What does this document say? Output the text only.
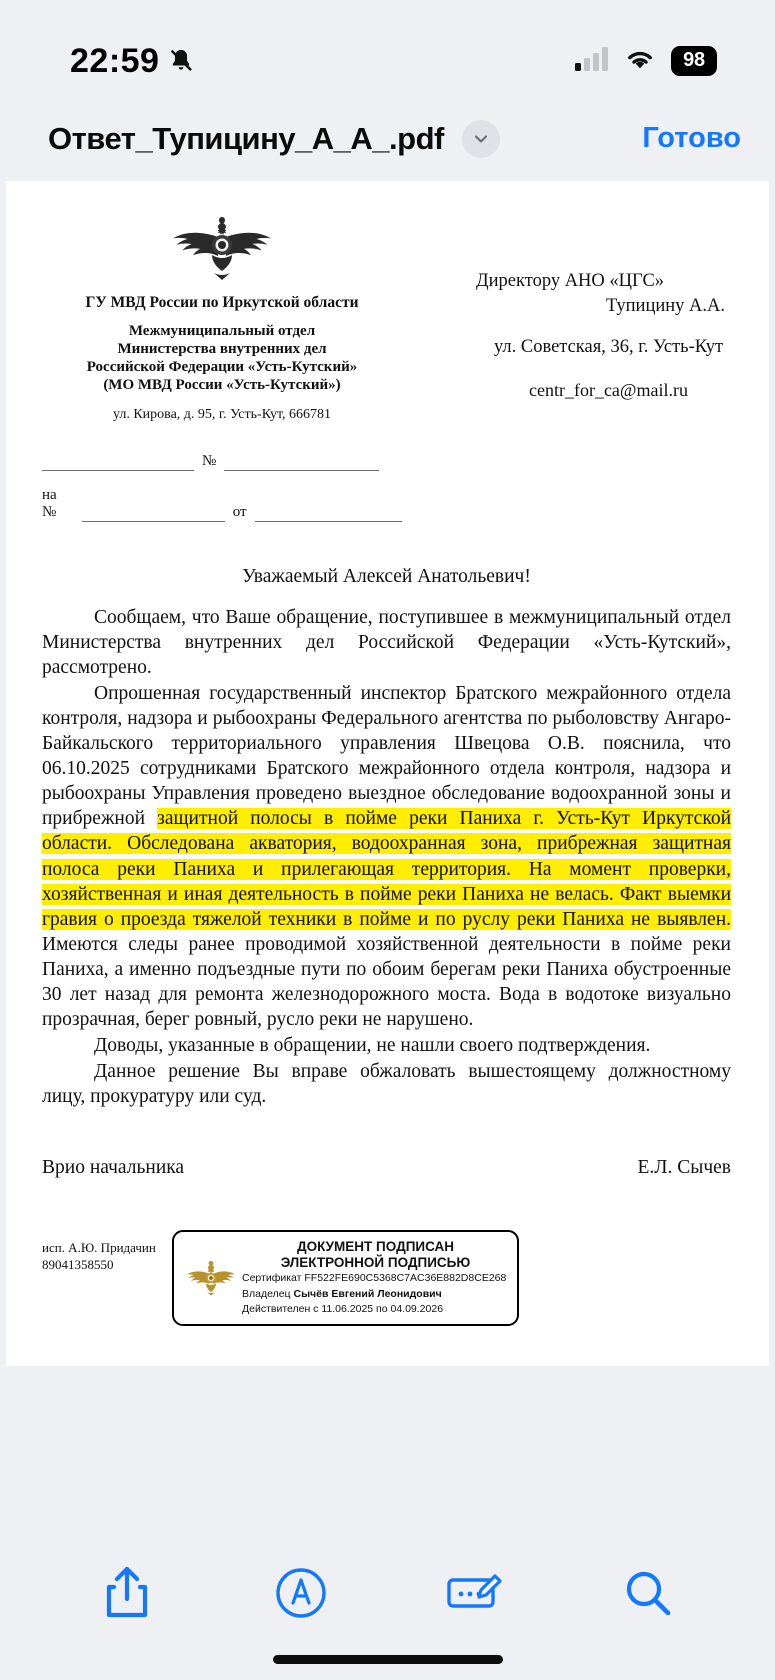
22:59	98
Ответ_Тупицину_А_А_.pdf	Готово
ГУ МВД России по Иркутской области
Межмуниципальный отдел
Министерства внутренних дел
Российской Федерации «Усть-Кутский»
(МО МВД России «Усть-Кутский»)
ул. Кирова, д. 95, г. Усть-Кут, 666781
№
на №	от
Директору АНО «ЦГС»
Тупицину А.А.
ул. Советская, 36, г. Усть-Кут
centr_for_ca@mail.ru
Уважаемый Алексей Анатольевич!

Сообщаем, что Ваше обращение, поступившее в межмуниципальный отдел Министерства внутренних дел Российской Федерации «Усть-Кутский», рассмотрено.

Опрошенная государственный инспектор Братского межрайонного отдела контроля, надзора и рыбоохраны Федерального агентства по рыболовству Ангаро-Байкальского территориального управления Швецова О.В. пояснила, что 06.10.2025 сотрудниками Братского межрайонного отдела контроля, надзора и рыбоохраны Управления проведено выездное обследование водоохранной зоны и прибрежной защитной полосы в пойме реки Паниха г. Усть-Кут Иркутской области. Обследована акватория, водоохранная зона, прибрежная защитная полоса реки Паниха и прилегающая территория. На момент проверки, хозяйственная и иная деятельность в пойме реки Паниха не велась. Факт выемки гравия о проезда тяжелой техники в пойме и по руслу реки Паниха не выявлен. Имеются следы ранее проводимой хозяйственной деятельности в пойме реки Паниха, а именно подъездные пути по обоим берегам реки Паниха обустроенные 30 лет назад для ремонта железнодорожного моста. Вода в водотоке визуально прозрачная, берег ровный, русло реки не нарушено.

Доводы, указанные в обращении, не нашли своего подтверждения.

Данное решение Вы вправе обжаловать вышестоящему должностному лицу, прокуратуру или суд.

Врио начальника	Е.Л. Сычев
исп. А.Ю. Придачин
89041358550
ДОКУМЕНТ ПОДПИСАН
ЭЛЕКТРОННОЙ ПОДПИСЬЮ
Сертификат FF522FE690C5368C7AC36E882D8CE268
Владелец Сычёв Евгений Леонидович
Действителен с 11.06.2025 по 04.09.2026
